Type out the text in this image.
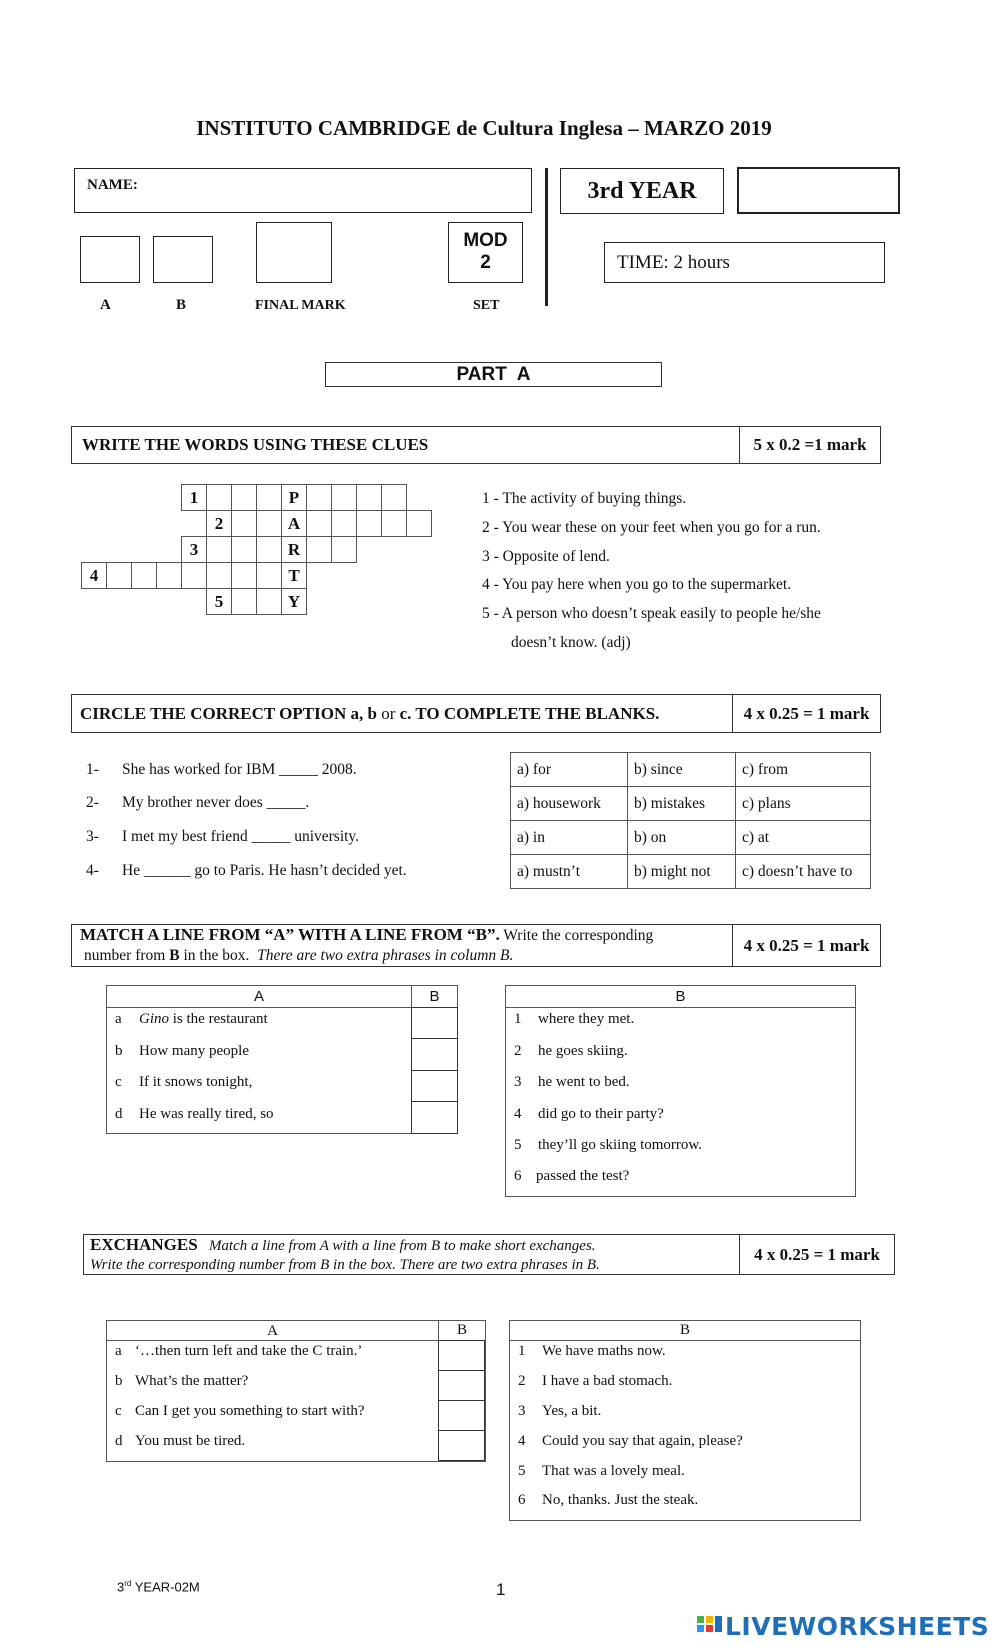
INSTITUTO CAMBRIDGE de Cultura Inglesa – MARZO 2019
NAME:	3rd YEAR
MOD
2	TIME: 2 hours
A	B	FINAL MARK	SET
PART  A
WRITE THE WORDS USING THESE CLUES	5 x 0.2 =1 mark
				1				P					
					2			A					
				3				R					
4								T					
					5			Y					
1 - The activity of buying things.
2 - You wear these on your feet when you go for a run.
3 - Opposite of lend.
4 - You pay here when you go to the supermarket.
5 - A person who doesn’t speak easily to people he/she
doesn’t know. (adj)
CIRCLE THE CORRECT OPTION a, b or c. TO COMPLETE THE BLANKS.	4 x 0.25 = 1 mark
1- She has worked for IBM _____ 2008.
2- My brother never does _____.
3- I met my best friend _____ university.
4- He ______ go to Paris. He hasn’t decided yet.
a) for	b) since	c) from
a) housework	b) mistakes	c) plans
a) in	b) on	c) at
a) mustn’t	b) might not	c) doesn’t have to
MATCH A LINE FROM “A” WITH A LINE FROM “B”. Write the corresponding
number from B in the box.  There are two extra phrases in column B.
4 x 0.25 = 1 mark
A	B
a Gino is the restaurant
b How many people
c If it snows tonight,
d He was really tired, so
B
1 where they met.
2 he goes skiing.
3 he went to bed.
4 did go to their party?
5 they’ll go skiing tomorrow.
6 passed the test?
EXCHANGES Match a line from A with a line from B to make short exchanges.
Write the corresponding number from B in the box. There are two extra phrases in B.
4 x 0.25 = 1 mark
A	B
a ‘…then turn left and take the C train.’
b What’s the matter?
c Can I get you something to start with?
d You must be tired.
B
1 We have maths now.
2 I have a bad stomach.
3 Yes, a bit.
4 Could you say that again, please?
5 That was a lovely meal.
6 No, thanks. Just the steak.
3rd YEAR-02M	1
LIVEWORKSHEETS
